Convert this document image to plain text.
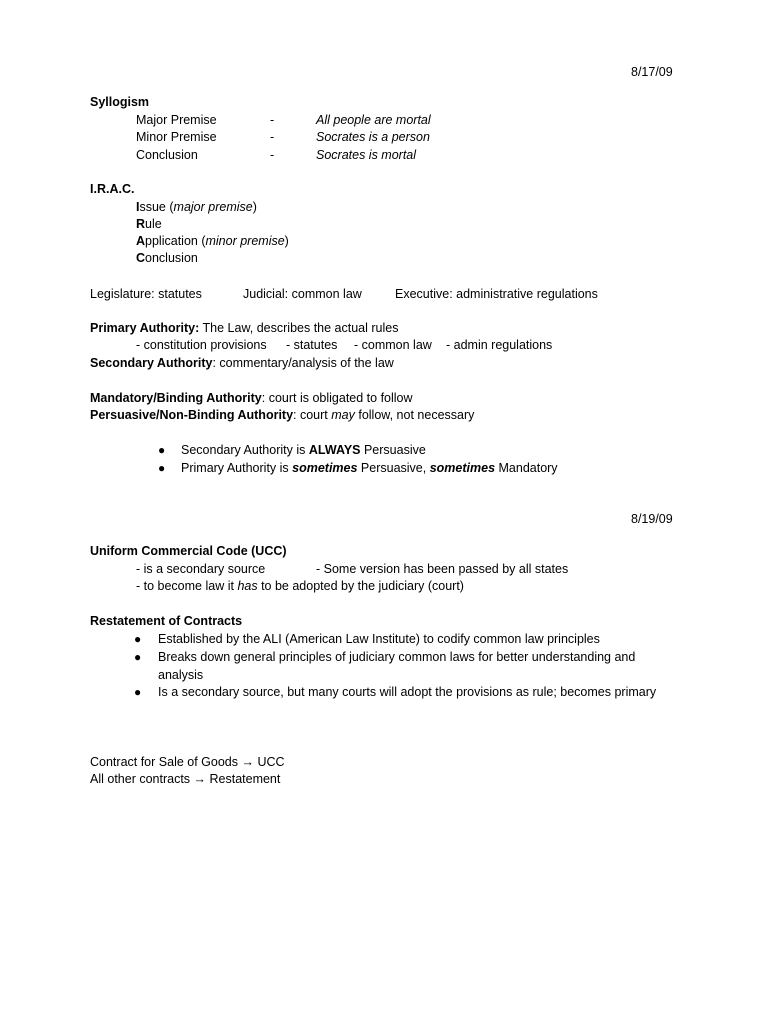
8/17/09
Syllogism
Major Premise	-	All people are mortal
Minor Premise	-	Socrates is a person
Conclusion	-	Socrates is mortal
I.R.A.C.
Issue (major premise)
Rule
Application (minor premise)
Conclusion
Legislature: statutes	Judicial: common law	Executive: administrative regulations
Primary Authority: The Law, describes the actual rules
- constitution provisions - statutes - common law - admin regulations
Secondary Authority: commentary/analysis of the law
Mandatory/Binding Authority: court is obligated to follow
Persuasive/Non-Binding Authority: court may follow, not necessary
● Secondary Authority is ALWAYS Persuasive
● Primary Authority is sometimes Persuasive, sometimes Mandatory
8/19/09
Uniform Commercial Code (UCC)
- is a secondary source	- Some version has been passed by all states
- to become law it has to be adopted by the judiciary (court)
Restatement of Contracts
● Established by the ALI (American Law Institute) to codify common law principles
● Breaks down general principles of judiciary common laws for better understanding and analysis
● Is a secondary source, but many courts will adopt the provisions as rule; becomes primary
Contract for Sale of Goods → UCC
All other contracts → Restatement
